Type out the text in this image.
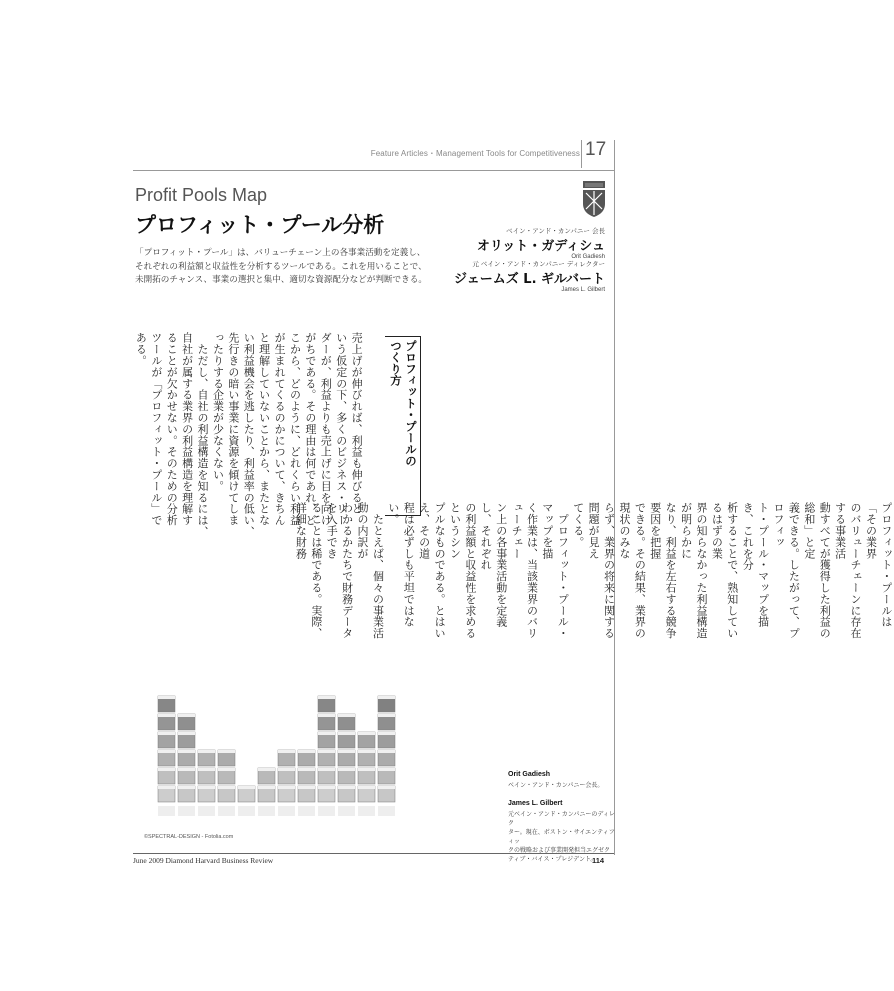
Feature Articles・Management Tools for Competitiveness 17
Profit Pools Map
プロフィット・プール分析
「プロフィット・プール」は、バリューチェーン上の各事業活動を定義し、
それぞれの利益額と収益性を分析するツールである。これを用いることで、
未開拓のチャンス、事業の選択と集中、適切な資源配分などが判断できる。
ベイン・アンド・カンパニー 会長
オリット・ガディシュ
Orit Gadiesh
元 ベイン・アンド・カンパニー ディレクター
ジェームズ L. ギルバート
James L. Gilbert
売上げが伸びれば、利益も伸びると
いう仮定の下、多くのビジネス・リー
ダーが、利益よりも売上げに目を向け
がちである。その理由は何であれ、ど
こから、どのように、どれくらい利益
が生まれてくるのかについて、きちん
と理解していないことから、またとな
い利益機会を逃したり、利益率の低い、
先行きの暗い事業に資源を傾けてしま
ったりする企業が少なくない。
　ただし、自社の利益構造を知るには、
自社が属する業界の利益構造を理解す
ることが欠かせない。そのための分析
ツールが「プロフィット・プール」で
ある。	プロフィット・プールの
つくり方
プロフィット・プールは「その業界
のバリューチェーンに存在する事業活
動すべてが獲得した利益の総和」と定
義できる。したがって、プロフィッ
ト・プール・マップを描き、これを分
析することで、熟知しているはずの業
界の知らなかった利益構造が明らかに
なり、利益を左右する競争要因を把握
できる。その結果、業界の現状のみな
らず、業界の将来に関する問題が見え
てくる。
　プロフィット・プール・マップを描
く作業は、当該業界のバリューチェー
ン上の各事業活動を定義し、それぞれ
の利益額と収益性を求めるというシン
プルなものである。とはいえ、その道
程は必ずしも平坦ではない。
　たとえば、個々の事業活動の内訳が
わかるかたちで財務データを入手でき
ることは稀である。実際、詳細な財務
©SPECTRAL-DESIGN - Fotolia.com
Orit Gadiesh
ベイン・アンド・カンパニー会長。
James L. Gilbert
元ベイン・アンド・カンパニーのディレク
ター。現在、ボストン・サイエンティフィッ
クの戦略および事業開発担当エグゼク
ティブ・バイス・プレジデント。
June 2009 Diamond Harvard Business Review	114
